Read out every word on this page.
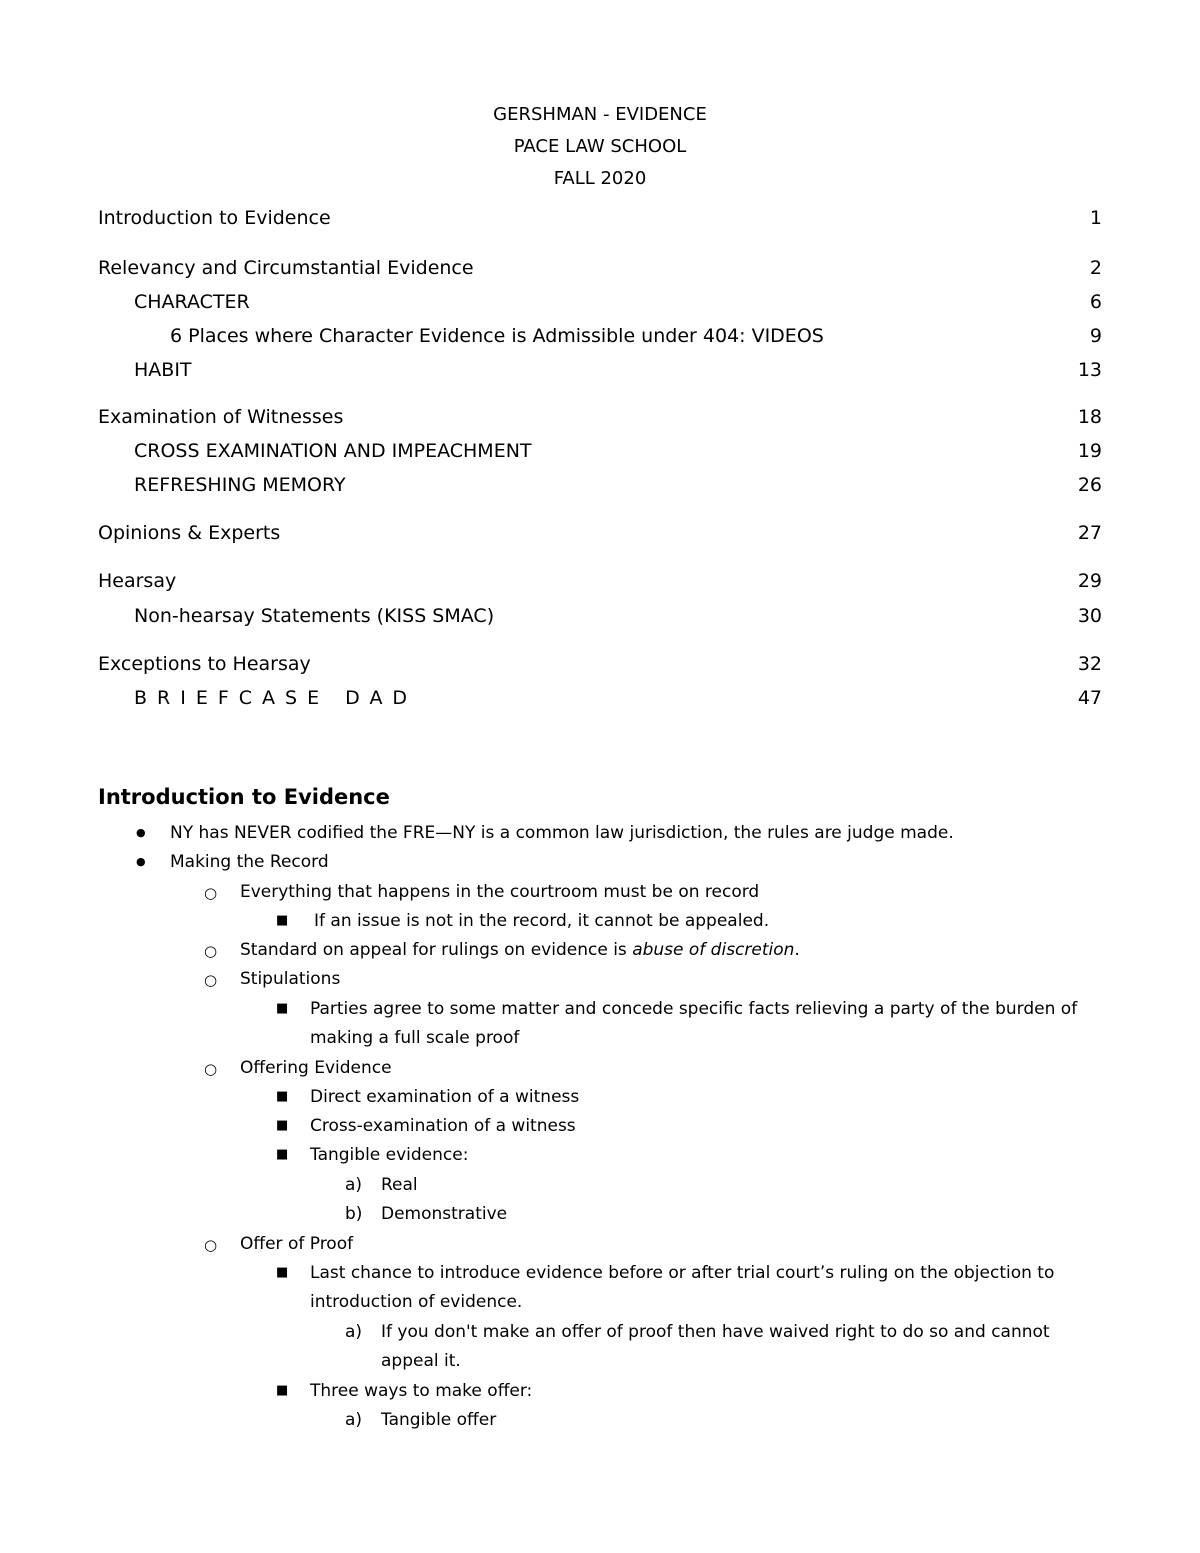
GERSHMAN - EVIDENCE
PACE LAW SCHOOL
FALL 2020
Introduction to Evidence	1
Relevancy and Circumstantial Evidence	2
CHARACTER	6
6 Places where Character Evidence is Admissible under 404: VIDEOS	9
HABIT	13
Examination of Witnesses	18
CROSS EXAMINATION AND IMPEACHMENT	19
REFRESHING MEMORY	26
Opinions & Experts	27
Hearsay	29
Non-hearsay Statements (KISS SMAC)	30
Exceptions to Hearsay	32
BRIEFCASE DAD	47
Introduction to Evidence
● NY has NEVER codified the FRE—NY is a common law jurisdiction, the rules are judge made.
● Making the Record
○ Everything that happens in the courtroom must be on record
■ If an issue is not in the record, it cannot be appealed.
○ Standard on appeal for rulings on evidence is abuse of discretion.
○ Stipulations
■ Parties agree to some matter and concede specific facts relieving a party of the burden of
making a full scale proof
○ Offering Evidence
■ Direct examination of a witness
■ Cross-examination of a witness
■ Tangible evidence:
a) Real
b) Demonstrative
○ Offer of Proof
■ Last chance to introduce evidence before or after trial court’s ruling on the objection to
introduction of evidence.
a) If you don't make an offer of proof then have waived right to do so and cannot
appeal it.
■ Three ways to make offer:
a) Tangible offer
